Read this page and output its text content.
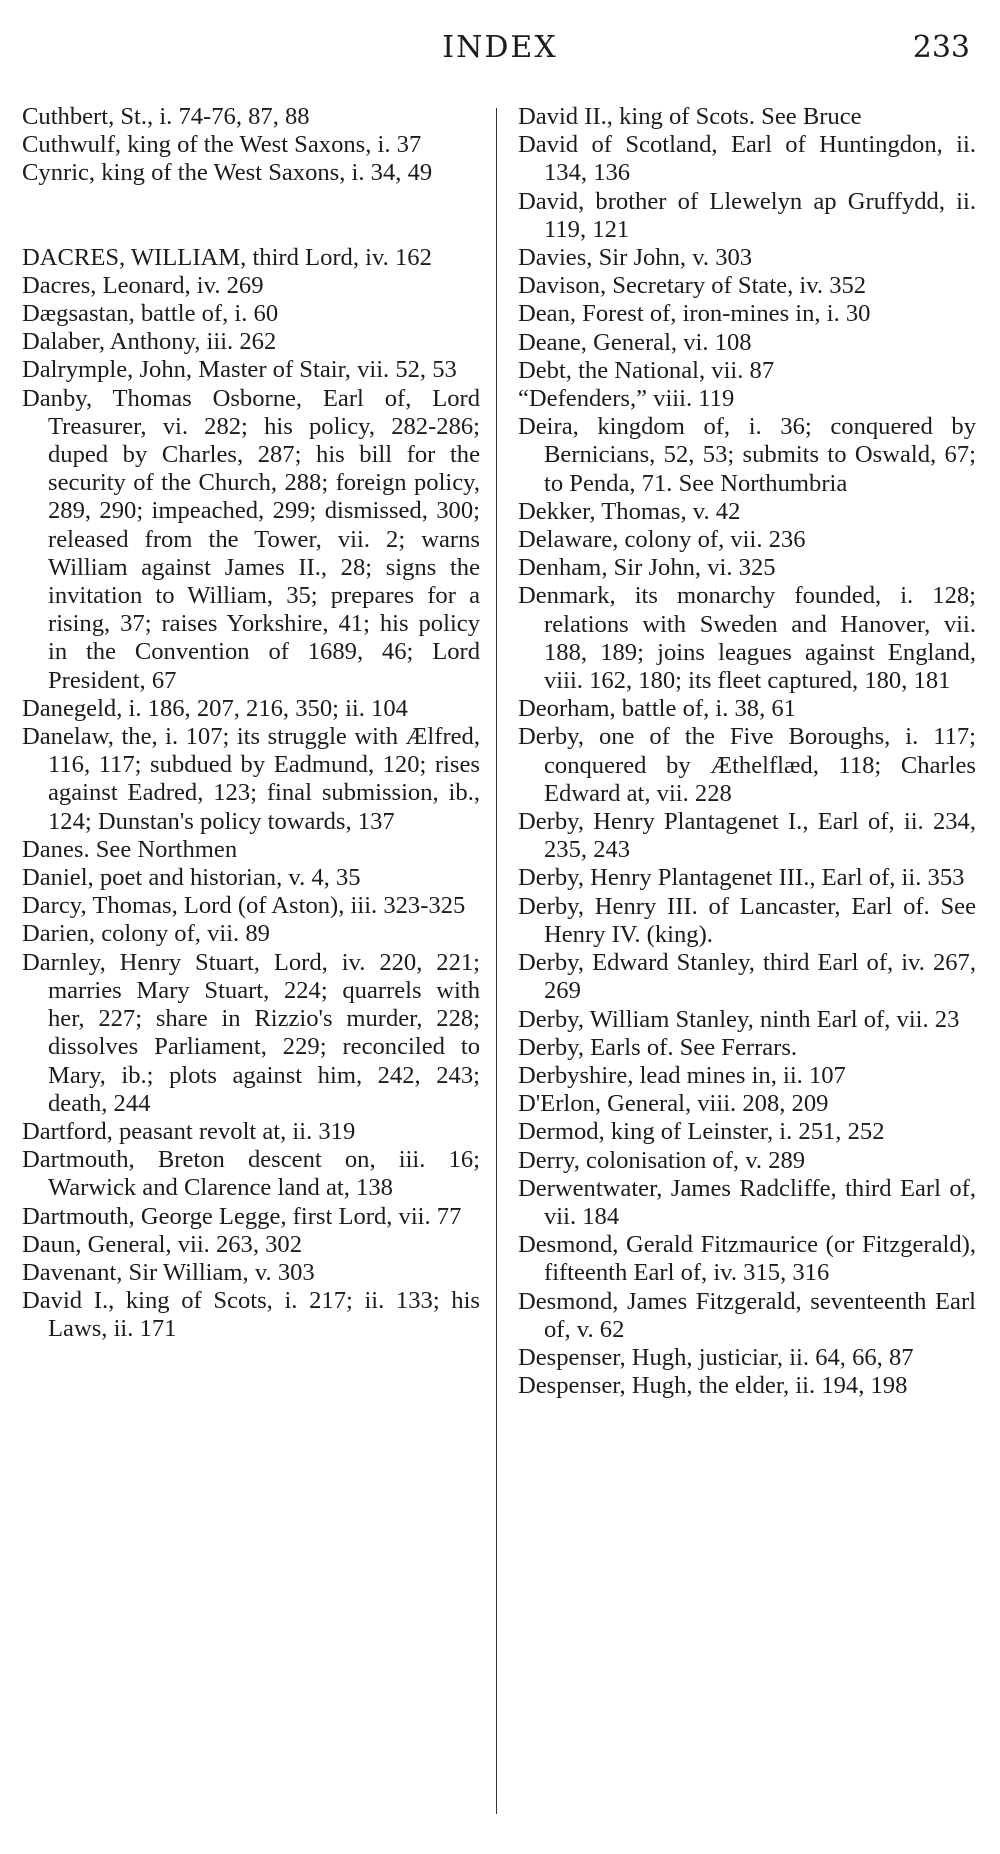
INDEX	233

Cuthbert, St., i. 74-76, 87, 88

Cuthwulf, king of the West Saxons, i. 37

Cynric, king of the West Saxons, i. 34, 49

DACRES, WILLIAM, third Lord, iv. 162

Dacres, Leonard, iv. 269

Dægsastan, battle of, i. 60

Dalaber, Anthony, iii. 262

Dalrymple, John, Master of Stair, vii. 52, 53

Danby, Thomas Osborne, Earl of, Lord Treasurer, vi. 282; his policy, 282-286; duped by Charles, 287; his bill for the security of the Church, 288; foreign policy, 289, 290; impeached, 299; dismissed, 300; released from the Tower, vii. 2; warns William against James II., 28; signs the invitation to William, 35; prepares for a rising, 37; raises Yorkshire, 41; his policy in the Convention of 1689, 46; Lord President, 67

Danegeld, i. 186, 207, 216, 350; ii. 104

Danelaw, the, i. 107; its struggle with Ælfred, 116, 117; subdued by Eadmund, 120; rises against Eadred, 123; final submission, ib., 124; Dunstan's policy towards, 137

Danes. See Northmen

Daniel, poet and historian, v. 4, 35

Darcy, Thomas, Lord (of Aston), iii. 323-325

Darien, colony of, vii. 89

Darnley, Henry Stuart, Lord, iv. 220, 221; marries Mary Stuart, 224; quarrels with her, 227; share in Rizzio's murder, 228; dissolves Parliament, 229; reconciled to Mary, ib.; plots against him, 242, 243; death, 244

Dartford, peasant revolt at, ii. 319

Dartmouth, Breton descent on, iii. 16; Warwick and Clarence land at, 138

Dartmouth, George Legge, first Lord, vii. 77

Daun, General, vii. 263, 302

Davenant, Sir William, v. 303

David I., king of Scots, i. 217; ii. 133; his Laws, ii. 171

David II., king of Scots. See Bruce

David of Scotland, Earl of Huntingdon, ii. 134, 136

David, brother of Llewelyn ap Gruffydd, ii. 119, 121

Davies, Sir John, v. 303

Davison, Secretary of State, iv. 352

Dean, Forest of, iron-mines in, i. 30

Deane, General, vi. 108

Debt, the National, vii. 87

“Defenders,” viii. 119

Deira, kingdom of, i. 36; conquered by Bernicians, 52, 53; submits to Oswald, 67; to Penda, 71. See Northumbria

Dekker, Thomas, v. 42

Delaware, colony of, vii. 236

Denham, Sir John, vi. 325

Denmark, its monarchy founded, i. 128; relations with Sweden and Hanover, vii. 188, 189; joins leagues against England, viii. 162, 180; its fleet captured, 180, 181

Deorham, battle of, i. 38, 61

Derby, one of the Five Boroughs, i. 117; conquered by Æthelflæd, 118; Charles Edward at, vii. 228

Derby, Henry Plantagenet I., Earl of, ii. 234, 235, 243

Derby, Henry Plantagenet III., Earl of, ii. 353

Derby, Henry III. of Lancaster, Earl of. See Henry IV. (king).

Derby, Edward Stanley, third Earl of, iv. 267, 269

Derby, William Stanley, ninth Earl of, vii. 23

Derby, Earls of. See Ferrars.

Derbyshire, lead mines in, ii. 107

D'Erlon, General, viii. 208, 209

Dermod, king of Leinster, i. 251, 252

Derry, colonisation of, v. 289

Derwentwater, James Radcliffe, third Earl of, vii. 184

Desmond, Gerald Fitzmaurice (or Fitzgerald), fifteenth Earl of, iv. 315, 316

Desmond, James Fitzgerald, seventeenth Earl of, v. 62

Despenser, Hugh, justiciar, ii. 64, 66, 87

Despenser, Hugh, the elder, ii. 194, 198
